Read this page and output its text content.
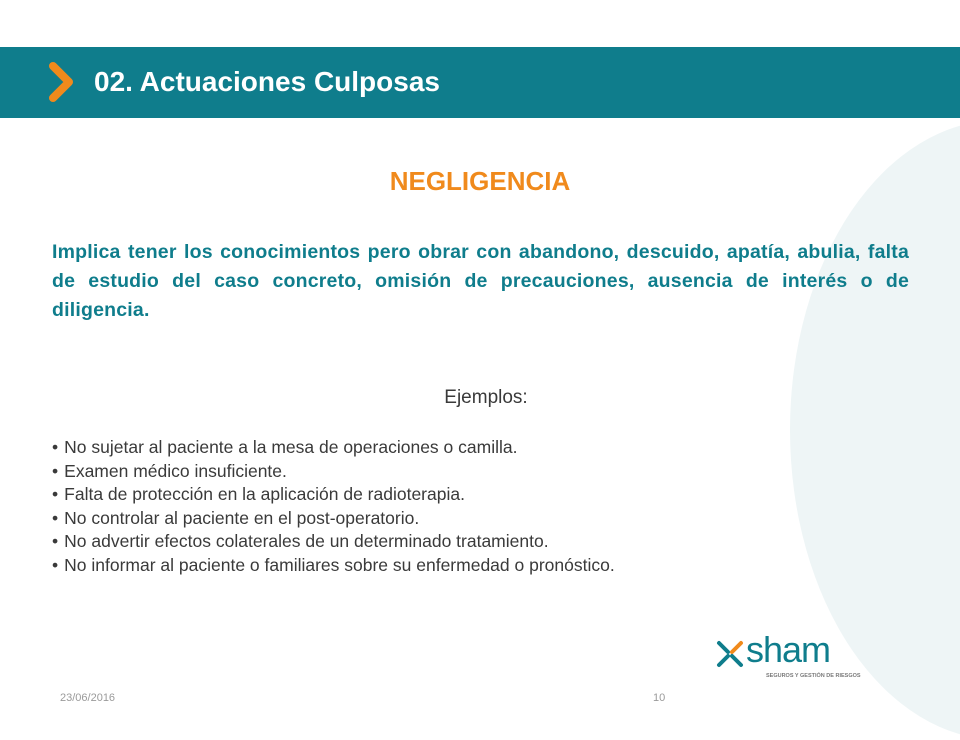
02. Actuaciones Culposas
NEGLIGENCIA
Implica tener los conocimientos pero obrar con abandono, descuido, apatía, abulia, falta de estudio del caso concreto, omisión de precauciones, ausencia de interés o de diligencia.
Ejemplos:
• No sujetar al paciente a la mesa de operaciones o camilla.
• Examen médico insuficiente.
• Falta de protección en la aplicación de radioterapia.
• No controlar al paciente en el post-operatorio.
• No advertir efectos colaterales de un determinado tratamiento.
• No informar al paciente o familiares sobre su enfermedad o pronóstico.
sham
SEGUROS Y GESTIÓN DE RIESGOS
23/06/2016	10
